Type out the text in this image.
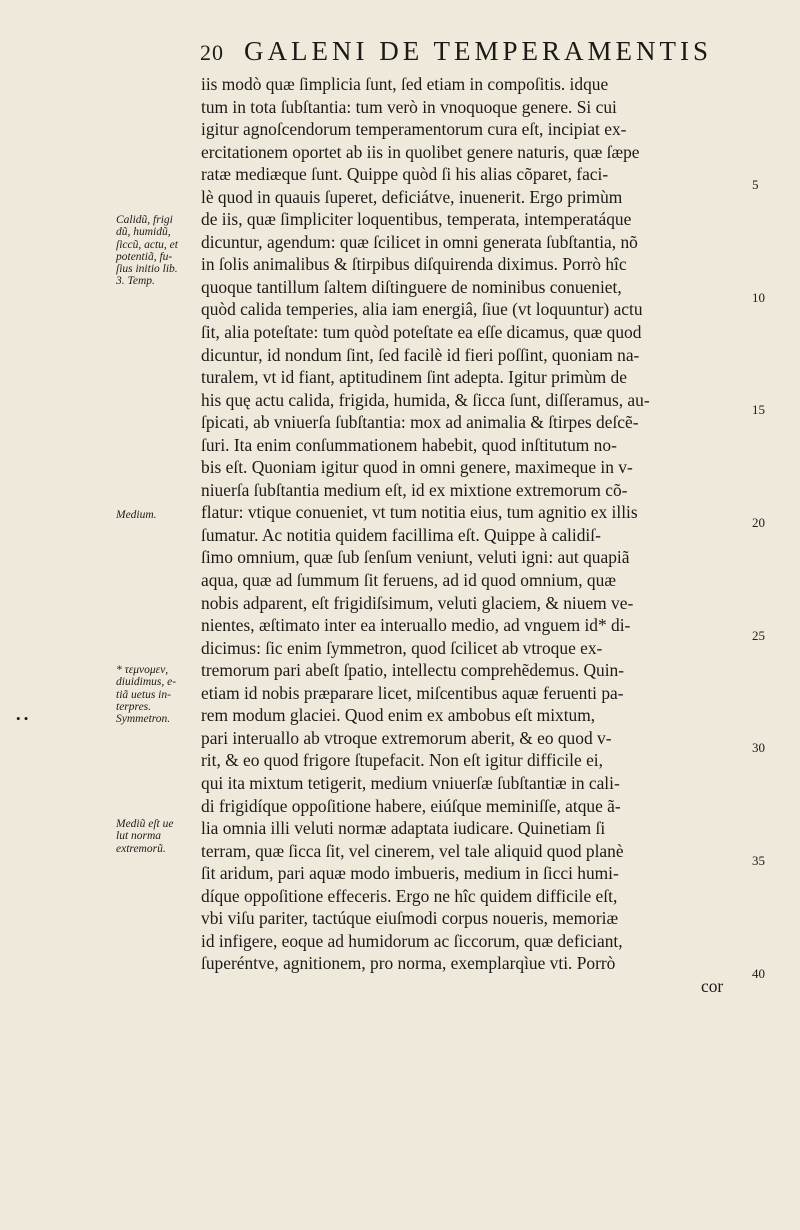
20 GALENI DE TEMPERAMENTIS
iis modò quæ ſimplicia ſunt, ſed etiam in compoſitis. idque
tum in tota ſubſtantia: tum verò in vnoquoque genere. Si cui
igitur agnoſcendorum temperamentorum cura eſt, incipiat ex-
ercitationem oportet ab iis in quolibet genere naturis, quæ ſæpe
ratæ mediæque ſunt. Quippe quòd ſi his alias cõparet, faci-
lè quod in quauis ſuperet, deficiátve, inuenerit. Ergo primùm
de iis, quæ ſimpliciter loquentibus, temperata, intemperatáque
dicuntur, agendum: quæ ſcilicet in omni generata ſubſtantia, nõ
in ſolis animalibus & ſtirpibus diſquirenda diximus. Porrò hîc
quoque tantillum ſaltem diſtinguere de nominibus conueniet,
quòd calida temperies, alia iam energiâ, ſiue (vt loquuntur) actu
ſit, alia poteſtate: tum quòd poteſtate ea eſſe dicamus, quæ quod
dicuntur, id nondum ſint, ſed facilè id fieri poſſint, quoniam na-
turalem, vt id fiant, aptitudinem ſint adepta. Igitur primùm de
his quę actu calida, frigida, humida, & ſicca ſunt, diſſeramus, au-
ſpicati, ab vniuerſa ſubſtantia: mox ad animalia & ſtirpes deſcẽ-
ſuri. Ita enim conſummationem habebit, quod inſtitutum no-
bis eſt. Quoniam igitur quod in omni genere, maximeque in v-
niuerſa ſubſtantia medium eſt, id ex mixtione extremorum cõ-
flatur: vtique conueniet, vt tum notitia eius, tum agnitio ex illis
ſumatur. Ac notitia quidem facillima eſt. Quippe à calidiſ-
ſimo omnium, quæ ſub ſenſum veniunt, veluti igni: aut quapiã
aqua, quæ ad ſummum ſit feruens, ad id quod omnium, quæ
nobis adparent, eſt frigidiſsimum, veluti glaciem, & niuem ve-
nientes, æſtimato inter ea interuallo medio, ad vnguem id* di-
dicimus: ſic enim ſymmetron, quod ſcilicet ab vtroque ex-
tremorum pari abeſt ſpatio, intellectu comprehẽdemus. Quin-
etiam id nobis præparare licet, miſcentibus aquæ feruenti pa-
rem modum glaciei. Quod enim ex ambobus eſt mixtum,
pari interuallo ab vtroque extremorum aberit, & eo quod v-
rit, & eo quod frigore ſtupefacit. Non eſt igitur difficile ei,
qui ita mixtum tetigerit, medium vniuerſæ ſubſtantiæ in cali-
di frigidíque oppoſitione habere, eiúſque meminiſſe, atque ã-
lia omnia illi veluti normæ adaptata iudicare. Quinetiam ſi
terram, quæ ſicca ſit, vel cinerem, vel tale aliquid quod planè
ſit aridum, pari aquæ modo imbueris, medium in ſicci humi-
díque oppoſitione effeceris. Ergo ne hîc quidem difficile eſt,
vbi viſu pariter, tactúque eiuſmodi corpus noueris, memoriæ
id infigere, eoque ad humidorum ac ſiccorum, quæ deficiant,
ſuperéntve, agnitionem, pro norma, exemplarqìue vti. Porrò
cor
Calidũ, frigi
dũ, humidũ,
ſiccũ, actu, et
potentiã, fu-
ſius initio lib.
3. Temp.
Medium.
* τεμνομεν,
diuidimus, e-
tiã uetus in-
terpres.
Symmetron.
Mediũ eſt ue
lut norma
extremorũ.
• •
5
10
15
20
25
30
35
40
